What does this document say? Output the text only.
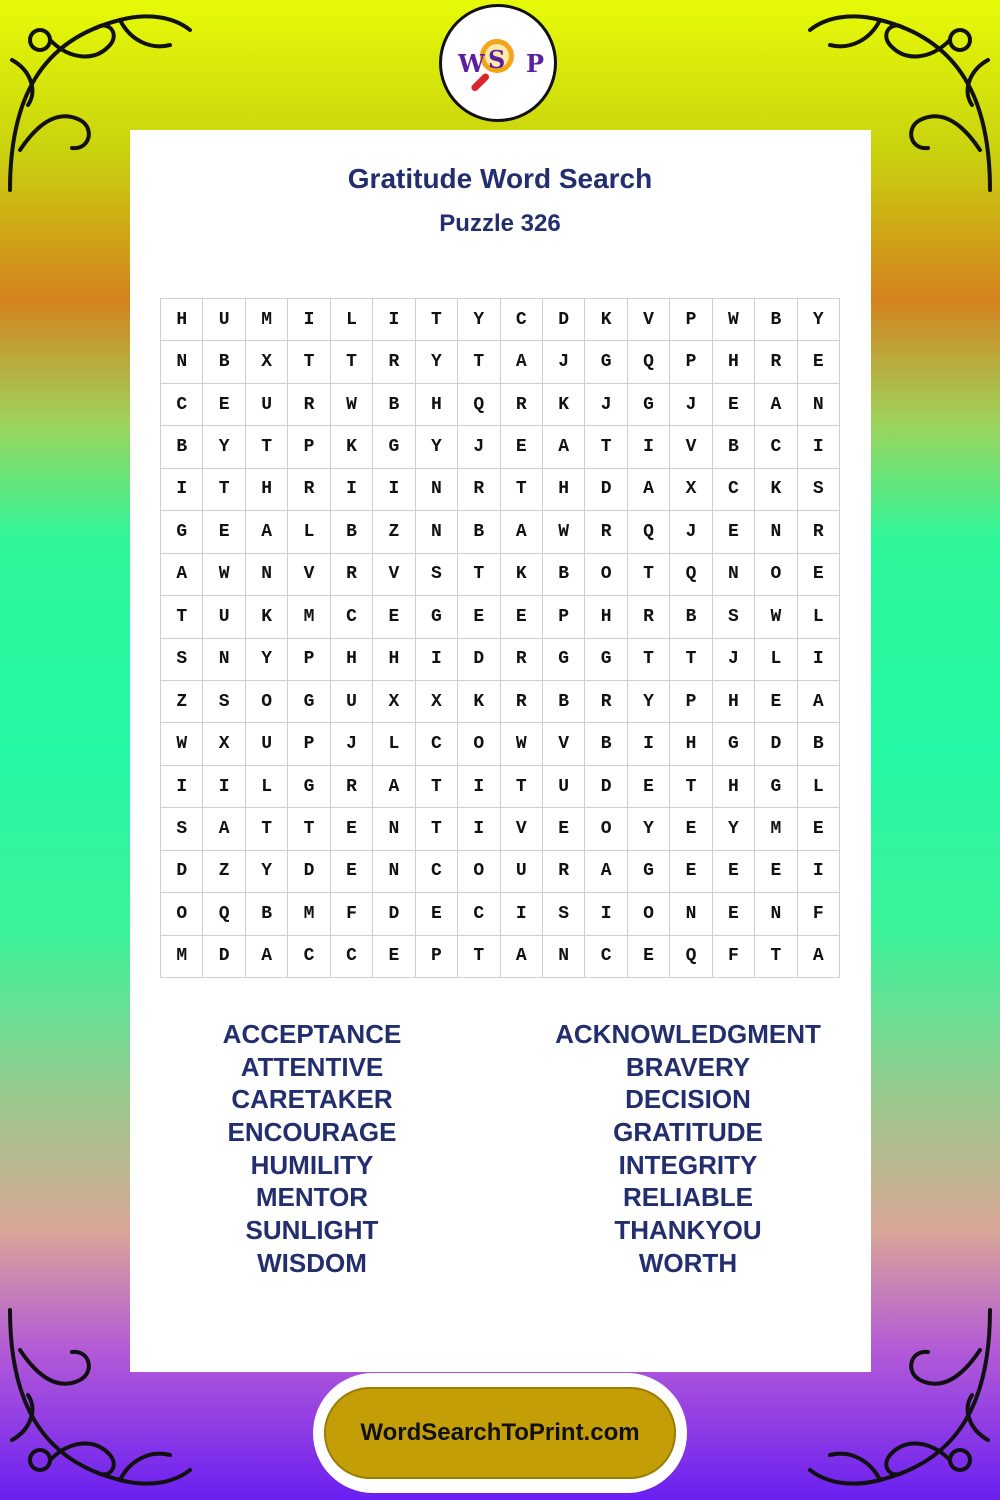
W S P
Gratitude Word Search
Puzzle 326
H	U	M	I	L	I	T	Y	C	D	K	V	P	W	B	Y
N	B	X	T	T	R	Y	T	A	J	G	Q	P	H	R	E
C	E	U	R	W	B	H	Q	R	K	J	G	J	E	A	N
B	Y	T	P	K	G	Y	J	E	A	T	I	V	B	C	I
I	T	H	R	I	I	N	R	T	H	D	A	X	C	K	S
G	E	A	L	B	Z	N	B	A	W	R	Q	J	E	N	R
A	W	N	V	R	V	S	T	K	B	O	T	Q	N	O	E
T	U	K	M	C	E	G	E	E	P	H	R	B	S	W	L
S	N	Y	P	H	H	I	D	R	G	G	T	T	J	L	I
Z	S	O	G	U	X	X	K	R	B	R	Y	P	H	E	A
W	X	U	P	J	L	C	O	W	V	B	I	H	G	D	B
I	I	L	G	R	A	T	I	T	U	D	E	T	H	G	L
S	A	T	T	E	N	T	I	V	E	O	Y	E	Y	M	E
D	Z	Y	D	E	N	C	O	U	R	A	G	E	E	E	I
O	Q	B	M	F	D	E	C	I	S	I	O	N	E	N	F
M	D	A	C	C	E	P	T	A	N	C	E	Q	F	T	A
ACCEPTANCE
ATTENTIVE
CARETAKER
ENCOURAGE
HUMILITY
MENTOR
SUNLIGHT
WISDOM
ACKNOWLEDGMENT
BRAVERY
DECISION
GRATITUDE
INTEGRITY
RELIABLE
THANKYOU
WORTH
WordSearchToPrint.com
